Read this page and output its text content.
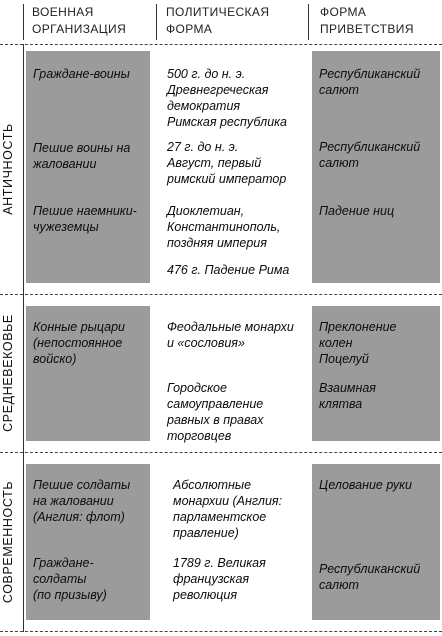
ВОЕННАЯ
ОРГАНИЗАЦИЯ
ПОЛИТИЧЕСКАЯ
ФОРМА
ФОРМА
ПРИВЕТСТВИЯ
АНТИЧНОСТЬ
СРЕДНЕВЕКОВЬЕ
СОВРЕМЕННОСТЬ
Граждане-воины
Пешие воины на
жаловании
Пешие наемники-
чужеземцы
500 г. до н. э.
Древнегреческая
демократия
Римская республика
27 г. до н. э.
Август, первый
римский император
Диоклетиан,
Константинополь,
поздняя империя
476 г. Падение Рима
Республиканский
салют
Республиканский
салют
Падение ниц
Конные рыцари
(непостоянное
войско)
Феодальные монархи
и «сословия»
Городское
самоуправление
равных в правах
торговцев
Преклонение
колен
Поцелуй
Взаимная
клятва
Пешие солдаты
на жаловании
(Англия: флот)
Граждане-
солдаты
(по призыву)
Абсолютные
монархии (Англия:
парламентское
правление)
1789 г. Великая
французская
революция
Целование руки
Республиканский
салют
